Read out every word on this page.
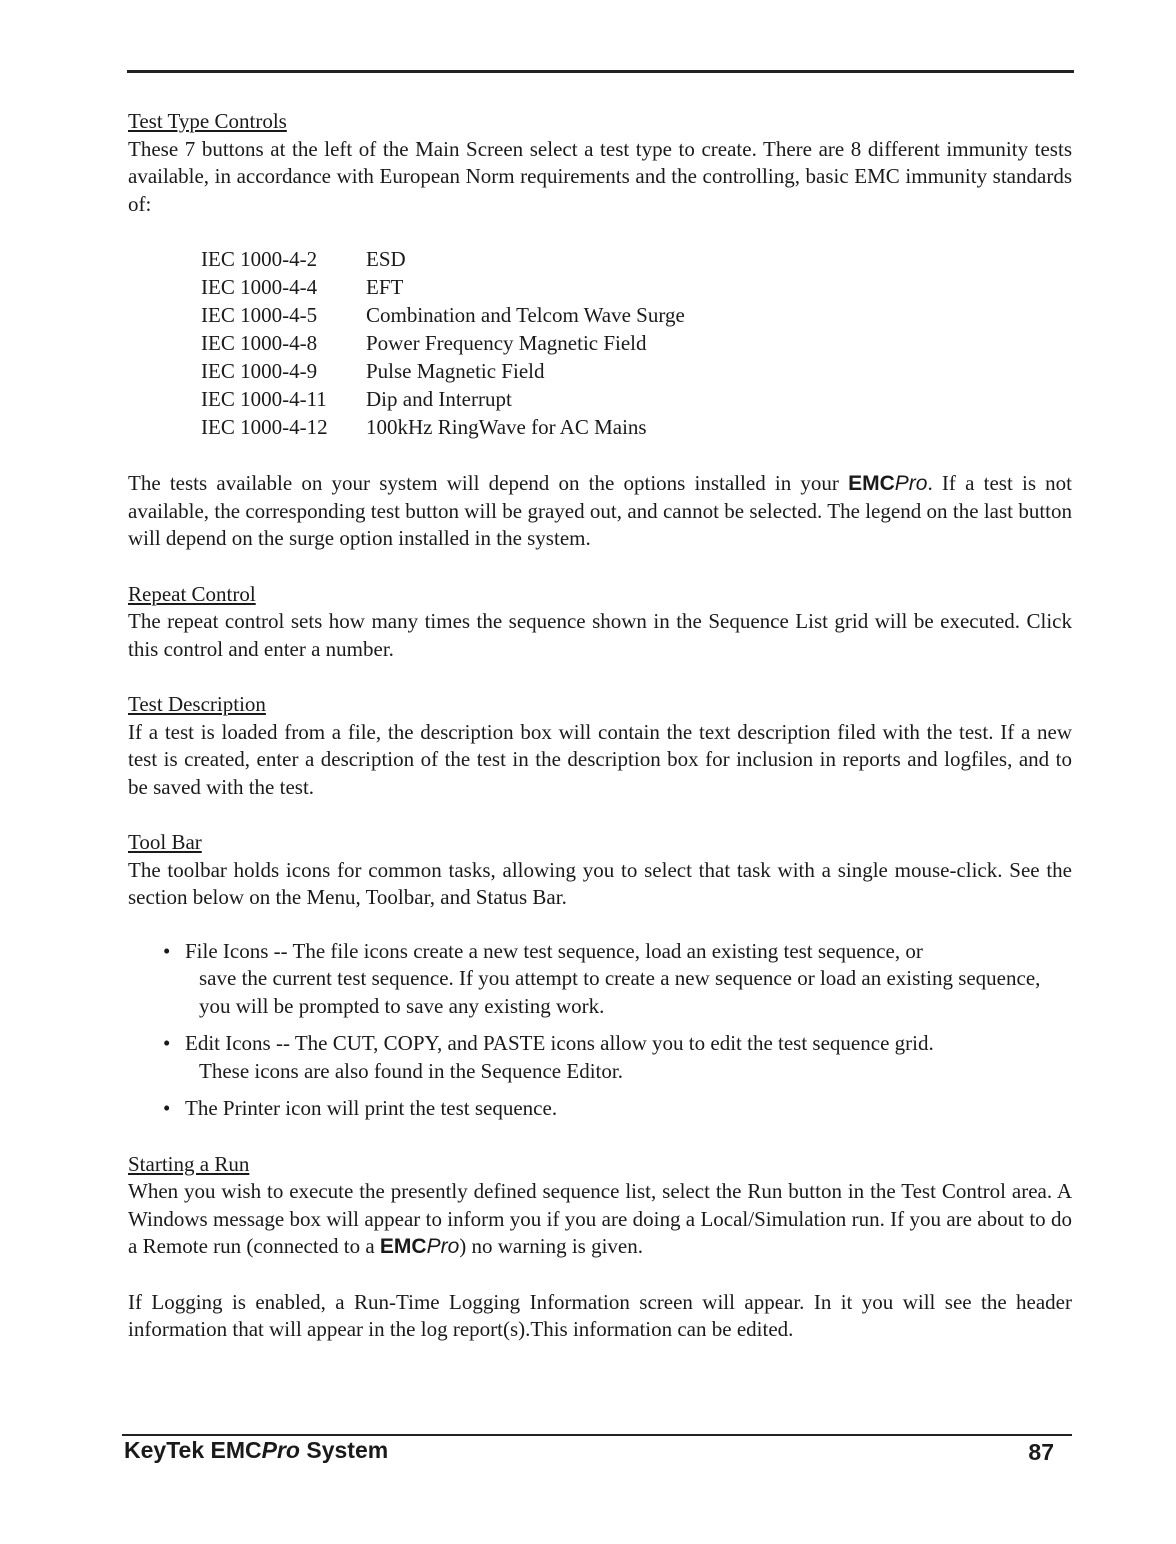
Test Type Controls

These 7 buttons at the left of the Main Screen select a test type to create. There are 8 different immunity tests available, in accordance with European Norm requirements and the controlling, basic EMC immunity standards of:

IEC 1000-4-2	ESD
IEC 1000-4-4	EFT
IEC 1000-4-5	Combination and Telcom Wave Surge
IEC 1000-4-8	Power Frequency Magnetic Field
IEC 1000-4-9	Pulse Magnetic Field
IEC 1000-4-11	Dip and Interrupt
IEC 1000-4-12	100kHz RingWave for AC Mains

The tests available on your system will depend on the options installed in your EMCPro. If a test is not available, the corresponding test button will be grayed out, and cannot be selected. The legend on the last button will depend on the surge option installed in the system.

Repeat Control

The repeat control sets how many times the sequence shown in the Sequence List grid will be executed. Click this control and enter a number.

Test Description

If a test is loaded from a file, the description box will contain the text description filed with the test. If a new test is created, enter a description of the test in the description box for inclusion in reports and logfiles, and to be saved with the test.

Tool Bar

The toolbar holds icons for common tasks, allowing you to select that task with a single mouse-click. See the section below on the Menu, Toolbar, and Status Bar.

• File Icons -- The file icons create a new test sequence, load an existing test sequence, or
save the current test sequence. If you attempt to create a new sequence or load an existing sequence, you will be prompted to save any existing work.
• Edit Icons -- The CUT, COPY, and PASTE icons allow you to edit the test sequence grid.
These icons are also found in the Sequence Editor.
• The Printer icon will print the test sequence.

Starting a Run

When you wish to execute the presently defined sequence list, select the Run button in the Test Control area. A Windows message box will appear to inform you if you are doing a Local/Simulation run. If you are about to do a Remote run (connected to a EMCPro) no warning is given.

If Logging is enabled, a Run-Time Logging Information screen will appear. In it you will see the header information that will appear in the log report(s).This information can be edited.

KeyTek EMCPro System	87
